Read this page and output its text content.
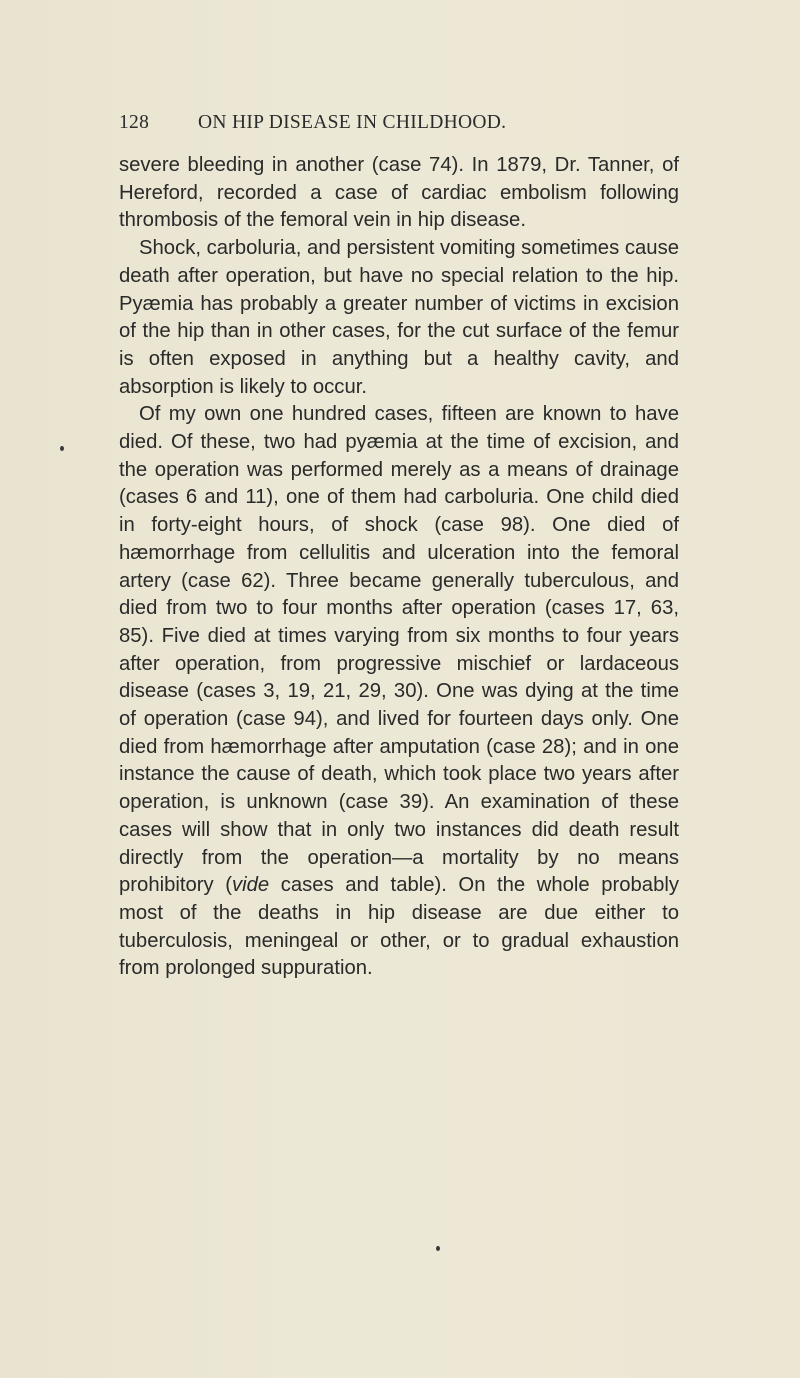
128	ON HIP DISEASE IN CHILDHOOD.

severe bleeding in another (case 74). In 1879, Dr. Tanner, of Hereford, recorded a case of cardiac embolism following thrombosis of the femoral vein in hip disease.

Shock, carboluria, and persistent vomiting sometimes cause death after operation, but have no special relation to the hip. Pyæmia has probably a greater number of victims in excision of the hip than in other cases, for the cut surface of the femur is often exposed in anything but a healthy cavity, and absorption is likely to occur.

Of my own one hundred cases, fifteen are known to have died. Of these, two had pyæmia at the time of excision, and the operation was performed merely as a means of drainage (cases 6 and 11), one of them had carboluria. One child died in forty-eight hours, of shock (case 98). One died of hæmorrhage from cellulitis and ulceration into the femoral artery (case 62). Three became generally tuberculous, and died from two to four months after operation (cases 17, 63, 85). Five died at times varying from six months to four years after operation, from progressive mischief or lardaceous disease (cases 3, 19, 21, 29, 30). One was dying at the time of operation (case 94), and lived for fourteen days only. One died from hæmorrhage after amputation (case 28); and in one instance the cause of death, which took place two years after operation, is unknown (case 39). An examination of these cases will show that in only two instances did death result directly from the operation—a mortality by no means prohibitory (vide cases and table). On the whole probably most of the deaths in hip disease are due either to tuberculosis, meningeal or other, or to gradual exhaustion from prolonged suppuration.
